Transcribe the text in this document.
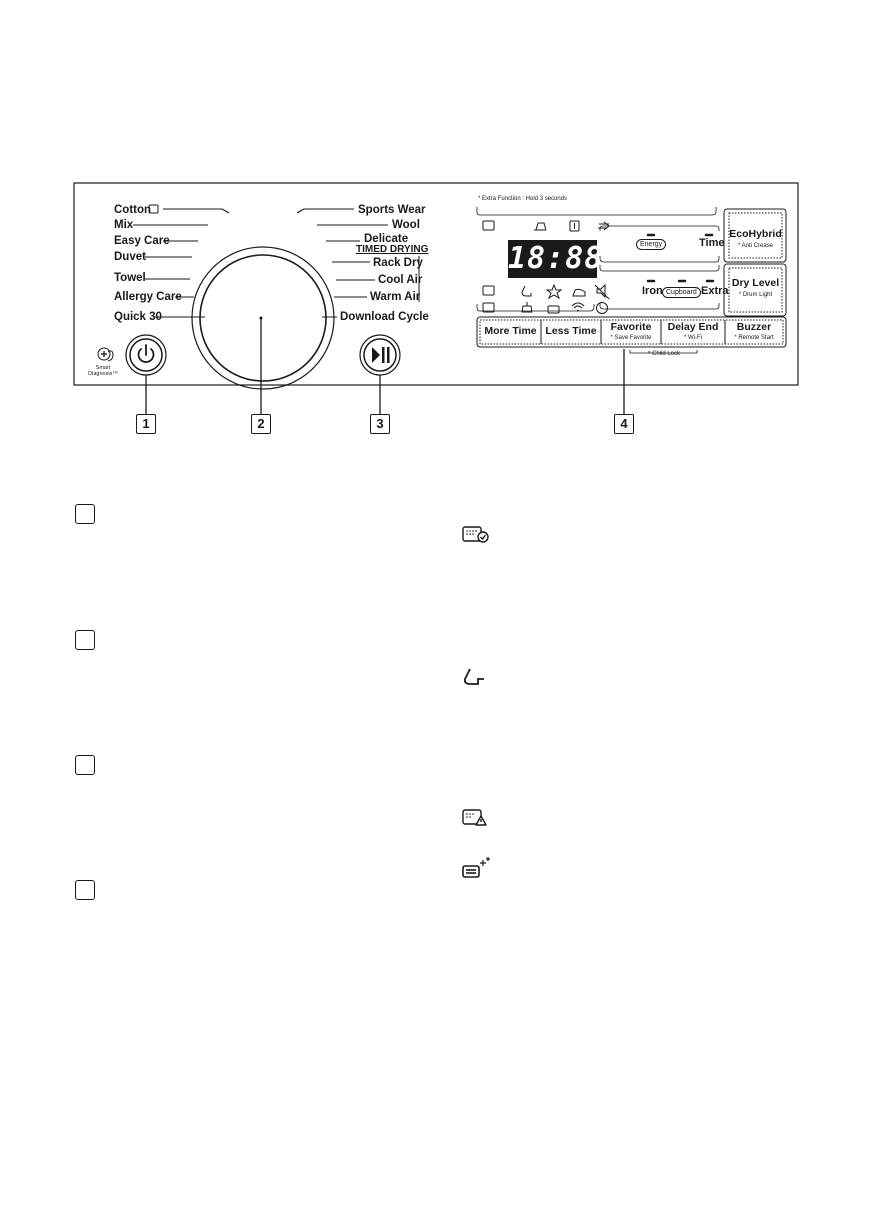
Cotton
Mix
Easy Care
Duvet
Towel
Allergy Care
Quick 30
Sports Wear
Wool
Delicate
TIMED DRYING
Rack Dry
Cool Air
Warm Air
Download Cycle
Smart
Diagnosis™
* Extra Function : Hold 3 seconds
18:88	Energy	Time
Iron Cupboard Extra
EcoHybrid
* Anti Crease
Dry Level
* Drum Light
More Time Less Time	Favorite
* Save Favorite
Delay End
* Wi-Fi
Buzzer
* Remote Start
* Child Lock
1	2	3	4
